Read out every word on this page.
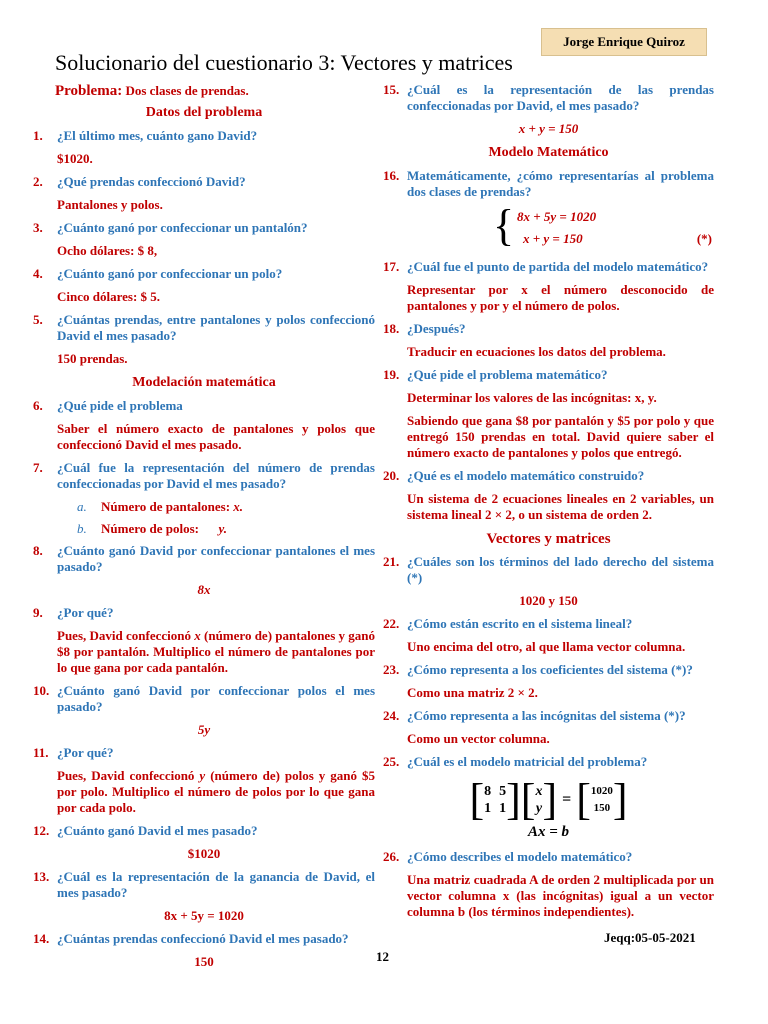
Jorge Enrique Quiroz
Solucionario del cuestionario 3: Vectores y matrices
Problema: Dos clases de prendas.
Datos del problema
1. ¿El último mes, cuánto gano David?
$1020.
2. ¿Qué prendas confeccionó David?
Pantalones y polos.
3. ¿Cuánto ganó por confeccionar un pantalón?
Ocho dólares: $ 8,
4. ¿Cuánto ganó por confeccionar un polo?
Cinco dólares: $ 5.
5. ¿Cuántas prendas, entre pantalones y polos confeccionó David el mes pasado?
150 prendas.
Modelación matemática
6. ¿Qué pide el problema
Saber el número exacto de pantalones y polos que confeccionó David el mes pasado.
7. ¿Cuál fue la representación del número de prendas confeccionadas por David el mes pasado?
a. Número de pantalones: x.
b. Número de polos: y.
8. ¿Cuánto ganó David por confeccionar pantalones el mes pasado?
8x
9. ¿Por qué?
Pues, David confeccionó x (número de) pantalones y ganó $8 por pantalón. Multiplico el número de pantalones por lo que gana por cada pantalón.
10. ¿Cuánto ganó David por confeccionar polos el mes pasado?
5y
11. ¿Por qué?
Pues, David confeccionó y (número de) polos y ganó $5 por polo. Multiplico el número de polos por lo que gana por cada polo.
12. ¿Cuánto ganó David el mes pasado?
$1020
13. ¿Cuál es la representación de la ganancia de David, el mes pasado?
8x + 5y = 1020
14. ¿Cuántas prendas confeccionó David el mes pasado?
150
15. ¿Cuál es la representación de las prendas confeccionadas por David, el mes pasado?
x + y = 150
Modelo Matemático
16. Matemáticamente, ¿cómo representarías al problema dos clases de prendas?
{ 8x + 5y = 1020
x + y = 150	(*)
17. ¿Cuál fue el punto de partida del modelo matemático?
Representar por x el número desconocido de pantalones y por y el número de polos.
18. ¿Después?
Traducir en ecuaciones los datos del problema.
19. ¿Qué pide el problema matemático?
Determinar los valores de las incógnitas: x, y.
Sabiendo que gana $8 por pantalón y $5 por polo y que entregó 150 prendas en total. David quiere saber el número exacto de pantalones y polos que entregó.
20. ¿Qué es el modelo matemático construido?
Un sistema de 2 ecuaciones lineales en 2 variables, un sistema lineal 2 × 2, o un sistema de orden 2.
Vectores y matrices
21. ¿Cuáles son los términos del lado derecho del sistema (*)
1020 y 150
22. ¿Cómo están escrito en el sistema lineal?
Uno encima del otro, al que llama vector columna.
23. ¿Cómo representa a los coeficientes del sistema (*)?
Como una matriz 2 × 2.
24. ¿Cómo representa a las incógnitas del sistema (*)?
Como un vector columna.
25. ¿Cuál es el modelo matricial del problema?
[ 8 5
1 1 ] [ x
y ] = [ 1020
150 ]
Ax = b
26. ¿Cómo describes el modelo matemático?
Una matriz cuadrada A de orden 2 multiplicada por un vector columna x (las incógnitas) igual a un vector columna b (los términos independientes).
Jeqq:05-05-2021
12
